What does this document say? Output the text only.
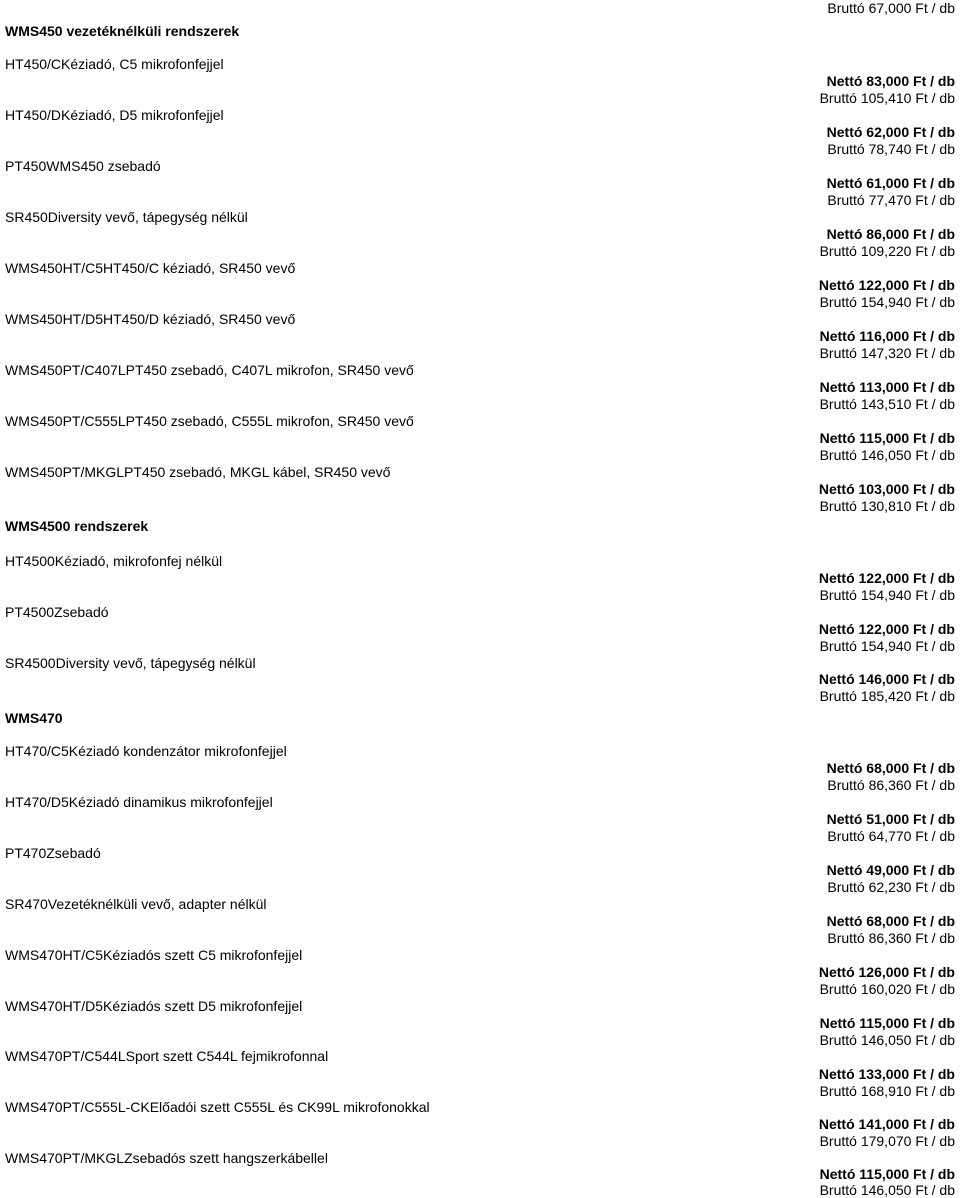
Bruttó 67,000 Ft / db
WMS450 vezetéknélküli rendszerek
HT450/CKéziadó, C5 mikrofonfejjel
HT450/DKéziadó, D5 mikrofonfejjel
PT450WMS450 zsebadó
SR450Diversity vevő, tápegység nélkül
WMS450HT/C5HT450/C kéziadó, SR450 vevő
WMS450HT/D5HT450/D kéziadó, SR450 vevő
WMS450PT/C407LPT450 zsebadó, C407L mikrofon, SR450 vevő
WMS450PT/C555LPT450 zsebadó, C555L mikrofon, SR450 vevő
WMS450PT/MKGLPT450 zsebadó, MKGL kábel, SR450 vevő
WMS4500 rendszerek
HT4500Kéziadó, mikrofonfej nélkül
PT4500Zsebadó
SR4500Diversity vevő, tápegység nélkül
WMS470
HT470/C5Kéziadó kondenzátor mikrofonfejjel
HT470/D5Kéziadó dinamikus mikrofonfejjel
PT470Zsebadó
SR470Vezetéknélküli vevő, adapter nélkül
WMS470HT/C5Kéziadós szett C5 mikrofonfejjel
WMS470HT/D5Kéziadós szett D5 mikrofonfejjel
WMS470PT/C544LSport szett C544L fejmikrofonnal
WMS470PT/C555L-CKElőadói szett C555L és CK99L mikrofonokkal
WMS470PT/MKGLZsebadós szett hangszerkábellel
Nettó 83,000 Ft / db
Bruttó 105,410 Ft / db
Nettó 62,000 Ft / db
Bruttó 78,740 Ft / db
Nettó 61,000 Ft / db
Bruttó 77,470 Ft / db
Nettó 86,000 Ft / db
Bruttó 109,220 Ft / db
Nettó 122,000 Ft / db
Bruttó 154,940 Ft / db
Nettó 116,000 Ft / db
Bruttó 147,320 Ft / db
Nettó 113,000 Ft / db
Bruttó 143,510 Ft / db
Nettó 115,000 Ft / db
Bruttó 146,050 Ft / db
Nettó 103,000 Ft / db
Bruttó 130,810 Ft / db
Nettó 122,000 Ft / db
Bruttó 154,940 Ft / db
Nettó 122,000 Ft / db
Bruttó 154,940 Ft / db
Nettó 146,000 Ft / db
Bruttó 185,420 Ft / db
Nettó 68,000 Ft / db
Bruttó 86,360 Ft / db
Nettó 51,000 Ft / db
Bruttó 64,770 Ft / db
Nettó 49,000 Ft / db
Bruttó 62,230 Ft / db
Nettó 68,000 Ft / db
Bruttó 86,360 Ft / db
Nettó 126,000 Ft / db
Bruttó 160,020 Ft / db
Nettó 115,000 Ft / db
Bruttó 146,050 Ft / db
Nettó 133,000 Ft / db
Bruttó 168,910 Ft / db
Nettó 141,000 Ft / db
Bruttó 179,070 Ft / db
Nettó 115,000 Ft / db
Bruttó 146,050 Ft / db
